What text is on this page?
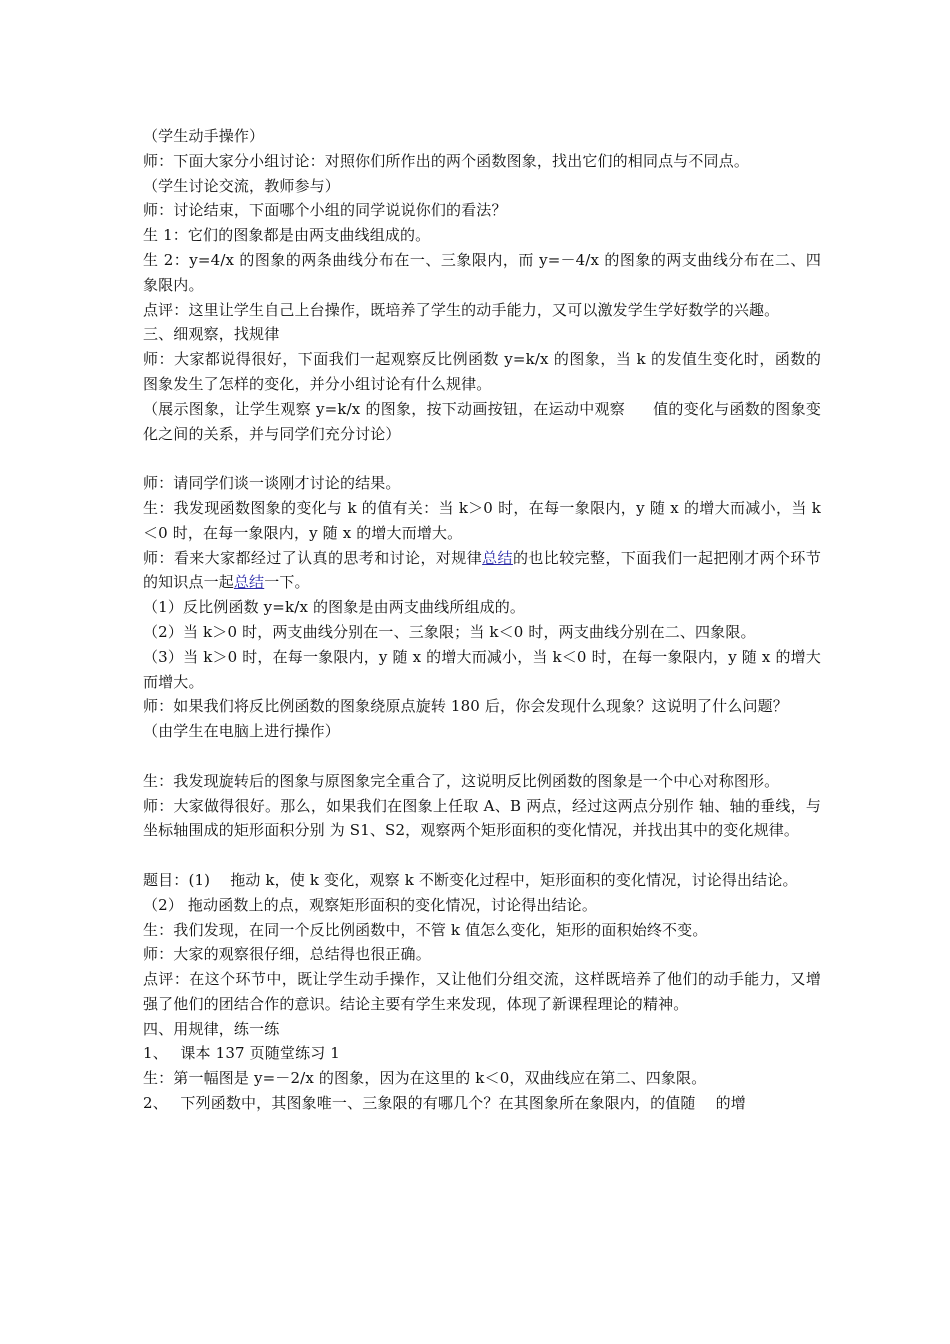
（学生动手操作）

师：下面大家分小组讨论：对照你们所作出的两个函数图象，找出它们的相同点与不同点。

（学生讨论交流，教师参与）

师：讨论结束，下面哪个小组的同学说说你们的看法？

生 1：它们的图象都是由两支曲线组成的。

生 2：y=4/x 的图象的两条曲线分布在一、三象限内，而 y=－4/x 的图象的两支曲线分布在二、四象限内。

点评：这里让学生自己上台操作，既培养了学生的动手能力，又可以激发学生学好数学的兴趣。

三、细观察，找规律

师：大家都说得很好，下面我们一起观察反比例函数 y=k/x 的图象，当 k 的发值生变化时，函数的图象发生了怎样的变化，并分小组讨论有什么规律。

（展示图象，让学生观察 y=k/x 的图象，按下动画按钮，在运动中观察 值的变化与函数的图象变化之间的关系，并与同学们充分讨论）

师：请同学们谈一谈刚才讨论的结果。

生：我发现函数图象的变化与 k 的值有关：当 k＞0 时，在每一象限内，y 随 x 的增大而减小，当 k＜0 时，在每一象限内，y 随 x 的增大而增大。

师：看来大家都经过了认真的思考和讨论，对规律总结的也比较完整，下面我们一起把刚才两个环节的知识点一起总结一下。

（1）反比例函数 y=k/x 的图象是由两支曲线所组成的。

（2）当 k＞0 时，两支曲线分别在一、三象限；当 k＜0 时，两支曲线分别在二、四象限。

（3）当 k＞0 时，在每一象限内，y 随 x 的增大而减小，当 k＜0 时，在每一象限内，y 随 x 的增大而增大。

师：如果我们将反比例函数的图象绕原点旋转 180 后，你会发现什么现象？这说明了什么问题？

（由学生在电脑上进行操作）

生：我发现旋转后的图象与原图象完全重合了，这说明反比例函数的图象是一个中心对称图形。

师：大家做得很好。那么，如果我们在图象上任取 A、B 两点，经过这两点分别作 轴、轴的垂线，与坐标轴围成的矩形面积分别 为 S1、S2，观察两个矩形面积的变化情况，并找出其中的变化规律。

题目：(1)　 拖动 k，使 k 变化，观察 k 不断变化过程中，矩形面积的变化情况，讨论得出结论。

（2） 拖动函数上的点，观察矩形面积的变化情况，讨论得出结论。

生：我们发现，在同一个反比例函数中，不管 k 值怎么变化，矩形的面积始终不变。

师：大家的观察很仔细，总结得也很正确。

点评：在这个环节中，既让学生动手操作，又让他们分组交流，这样既培养了他们的动手能力，又增强了他们的团结合作的意识。结论主要有学生来发现，体现了新课程理论的精神。

四、用规律，练一练

1、　 课本 137 页随堂练习 1

生：第一幅图是 y=－2/x 的图象，因为在这里的 k＜0，双曲线应在第二、四象限。

2、　 下列函数中，其图象唯一、三象限的有哪几个？在其图象所在象限内，的值随　 的增
